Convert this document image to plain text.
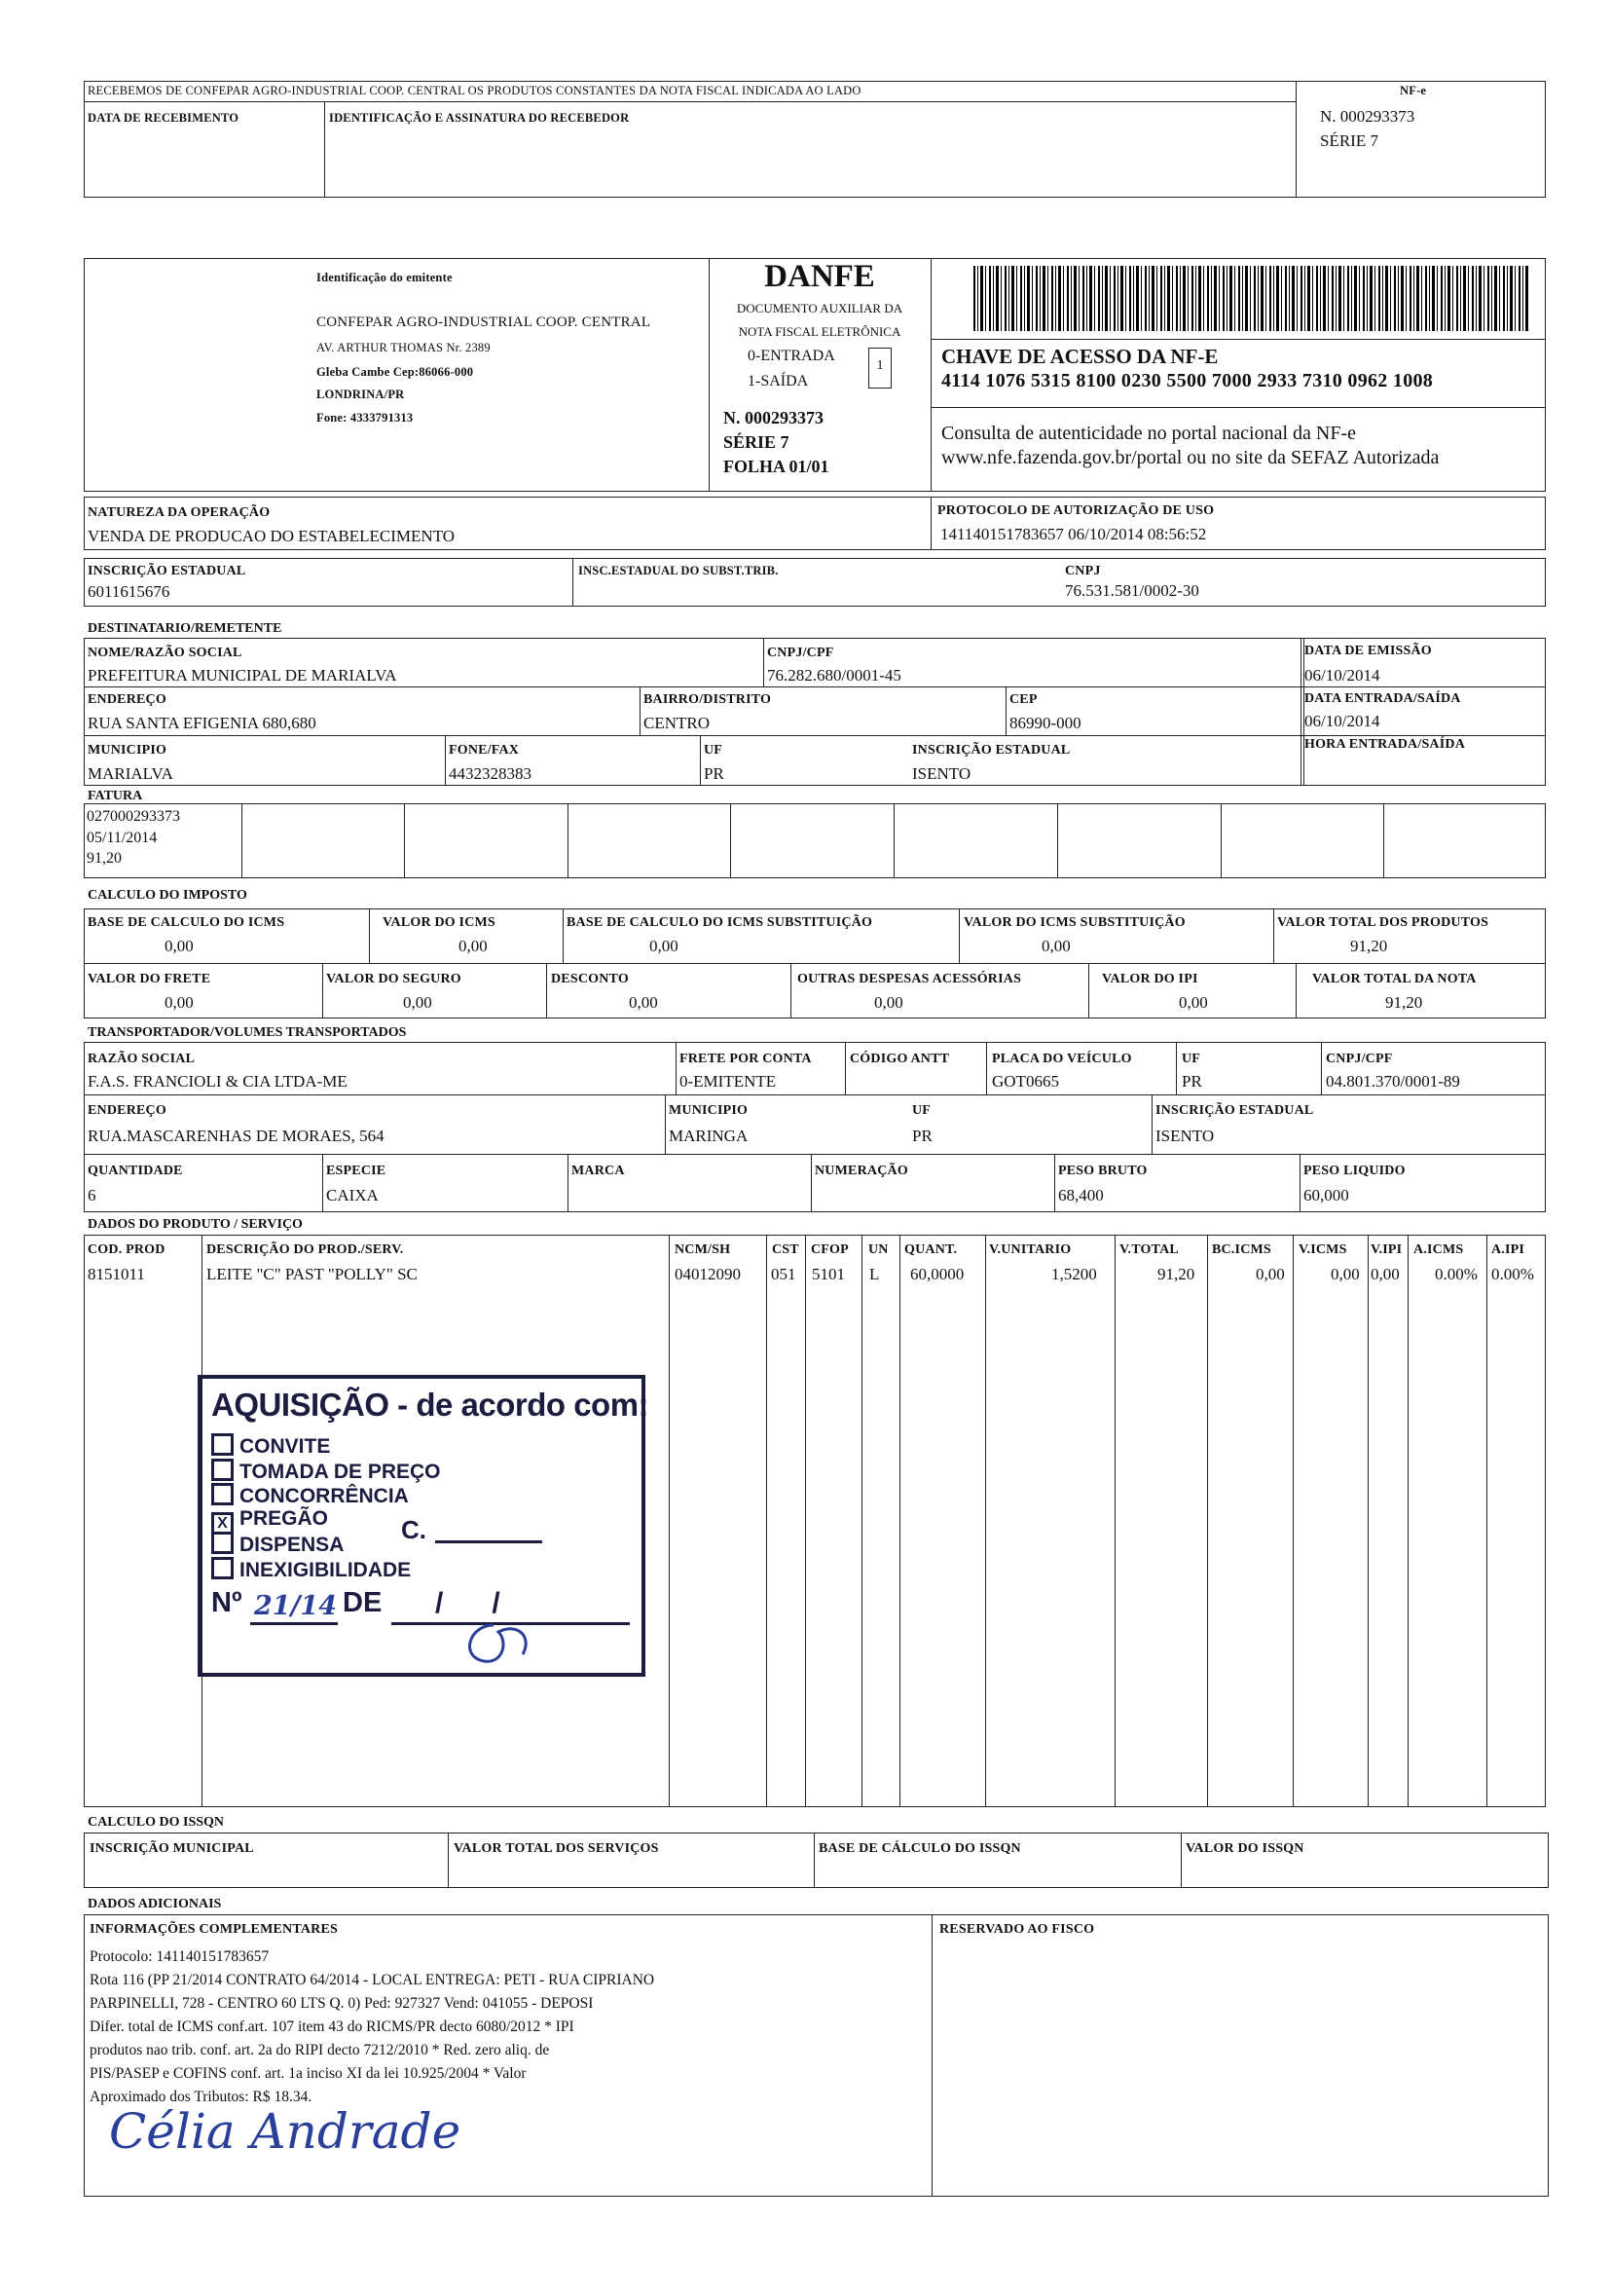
RECEBEMOS DE CONFEPAR AGRO-INDUSTRIAL COOP. CENTRAL OS PRODUTOS CONSTANTES DA NOTA FISCAL INDICADA AO LADO
DATA DE RECEBIMENTO	IDENTIFICAÇÃO E ASSINATURA DO RECEBEDOR
NF-e
N. 000293373
SÉRIE 7
Identificação do emitente
CONFEPAR AGRO-INDUSTRIAL COOP. CENTRAL
AV. ARTHUR THOMAS Nr. 2389
Gleba Cambe Cep:86066-000
LONDRINA/PR
Fone: 4333791313
DANFE
DOCUMENTO AUXILIAR DA
NOTA FISCAL ELETRÔNICA
0-ENTRADA
1-SAÍDA
1
N. 000293373
SÉRIE 7
FOLHA 01/01
CHAVE DE ACESSO DA NF-E
4114 1076 5315 8100 0230 5500 7000 2933 7310 0962 1008
Consulta de autenticidade no portal nacional da NF-e
www.nfe.fazenda.gov.br/portal ou no site da SEFAZ Autorizada
NATUREZA DA OPERAÇÃO
VENDA DE PRODUCAO DO ESTABELECIMENTO
PROTOCOLO DE AUTORIZAÇÃO DE USO
141140151783657 06/10/2014 08:56:52
INSCRIÇÃO ESTADUAL
6011615676
INSC.ESTADUAL DO SUBST.TRIB.	CNPJ
76.531.581/0002-30
DESTINATARIO/REMETENTE
NOME/RAZÃO SOCIAL
PREFEITURA MUNICIPAL DE MARIALVA
CNPJ/CPF
76.282.680/0001-45
DATA DE EMISSÃO
06/10/2014
ENDEREÇO
RUA SANTA EFIGENIA 680,680
BAIRRO/DISTRITO
CENTRO
CEP
86990-000
DATA ENTRADA/SAÍDA
06/10/2014
MUNICIPIO
MARIALVA
FONE/FAX
4432328383
UF
PR
INSCRIÇÃO ESTADUAL
ISENTO
HORA ENTRADA/SAÍDA
FATURA
027000293373
05/11/2014
91,20
CALCULO DO IMPOSTO
BASE DE CALCULO DO ICMS
0,00
VALOR DO ICMS
0,00
BASE DE CALCULO DO ICMS SUBSTITUIÇÃO
0,00
VALOR DO ICMS SUBSTITUIÇÃO
0,00
VALOR TOTAL DOS PRODUTOS
91,20
VALOR DO FRETE
0,00
VALOR DO SEGURO
0,00
DESCONTO
0,00
OUTRAS DESPESAS ACESSÓRIAS
0,00
VALOR DO IPI
0,00
VALOR TOTAL DA NOTA
91,20
TRANSPORTADOR/VOLUMES TRANSPORTADOS
RAZÃO SOCIAL
F.A.S. FRANCIOLI & CIA LTDA-ME
FRETE POR CONTA
0-EMITENTE
CÓDIGO ANTT	PLACA DO VEÍCULO
GOT0665
UF
PR
CNPJ/CPF
04.801.370/0001-89
ENDEREÇO
RUA.MASCARENHAS DE MORAES, 564
MUNICIPIO
MARINGA
UF
PR
INSCRIÇÃO ESTADUAL
ISENTO
QUANTIDADE
6
ESPECIE
CAIXA
MARCA	NUMERAÇÃO	PESO BRUTO
68,400
PESO LIQUIDO
60,000
DADOS DO PRODUTO / SERVIÇO
COD. PROD	DESCRIÇÃO DO PROD./SERV.	NCM/SH	CST CFOP UN QUANT. V.UNITARIO	V.TOTAL BC.ICMS V.ICMS V.IPI A.ICMS A.IPI
8151011	LEITE "C" PAST "POLLY" SC	04012090 051 5101 L 60,0000	1,5200	91,20	0,00	0,00 0,00 0.00% 0.00%
AQUISIÇÃO - de acordo com:
CONVITE
TOMADA DE PREÇO
CONCORRÊNCIA
X PREGÃO	C.
DISPENSA
INEXIGIBILIDADE
Nº 21/14 DE /      /
CALCULO DO ISSQN
INSCRIÇÃO MUNICIPAL	VALOR TOTAL DOS SERVIÇOS	BASE DE CÁLCULO DO ISSQN	VALOR DO ISSQN
DADOS ADICIONAIS
INFORMAÇÕES COMPLEMENTARES	RESERVADO AO FISCO
Protocolo: 141140151783657
Rota 116 (PP 21/2014 CONTRATO 64/2014 - LOCAL ENTREGA: PETI - RUA CIPRIANO
PARPINELLI, 728 - CENTRO 60 LTS Q. 0) Ped: 927327 Vend: 041055 - DEPOSI
Difer. total de ICMS conf.art. 107 item 43 do RICMS/PR decto 6080/2012 * IPI
produtos nao trib. conf. art. 2a do RIPI decto 7212/2010 * Red. zero aliq. de
PIS/PASEP e COFINS conf. art. 1a inciso XI da lei 10.925/2004 * Valor
Aproximado dos Tributos: R$ 18.34.
Célia Andrade
